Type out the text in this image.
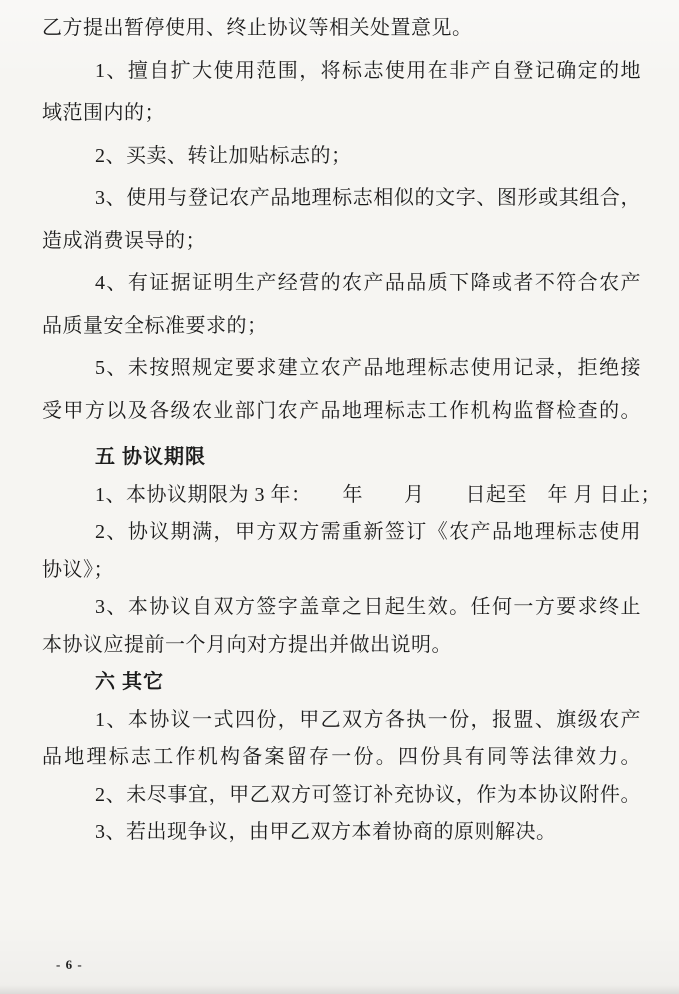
乙方提出暂停使用、终止协议等相关处置意见。
1、擅自扩大使用范围，将标志使用在非产自登记确定的地
域范围内的；
2、买卖、转让加贴标志的；
3、使用与登记农产品地理标志相似的文字、图形或其组合，
造成消费误导的；
4、有证据证明生产经营的农产品品质下降或者不符合农产
品质量安全标准要求的；
5、未按照规定要求建立农产品地理标志使用记录，拒绝接
受甲方以及各级农业部门农产品地理标志工作机构监督检查的。
五 协议期限
1、本协议期限为 3 年：　　年　　月　　日起至　年 月 日止；
2、协议期满，甲方双方需重新签订《农产品地理标志使用
协议》；
3、本协议自双方签字盖章之日起生效。任何一方要求终止
本协议应提前一个月向对方提出并做出说明。
六 其它
1、本协议一式四份，甲乙双方各执一份，报盟、旗级农产
品地理标志工作机构备案留存一份。四份具有同等法律效力。
2、未尽事宜，甲乙双方可签订补充协议，作为本协议附件。
3、若出现争议，由甲乙双方本着协商的原则解决。
- 6 -
